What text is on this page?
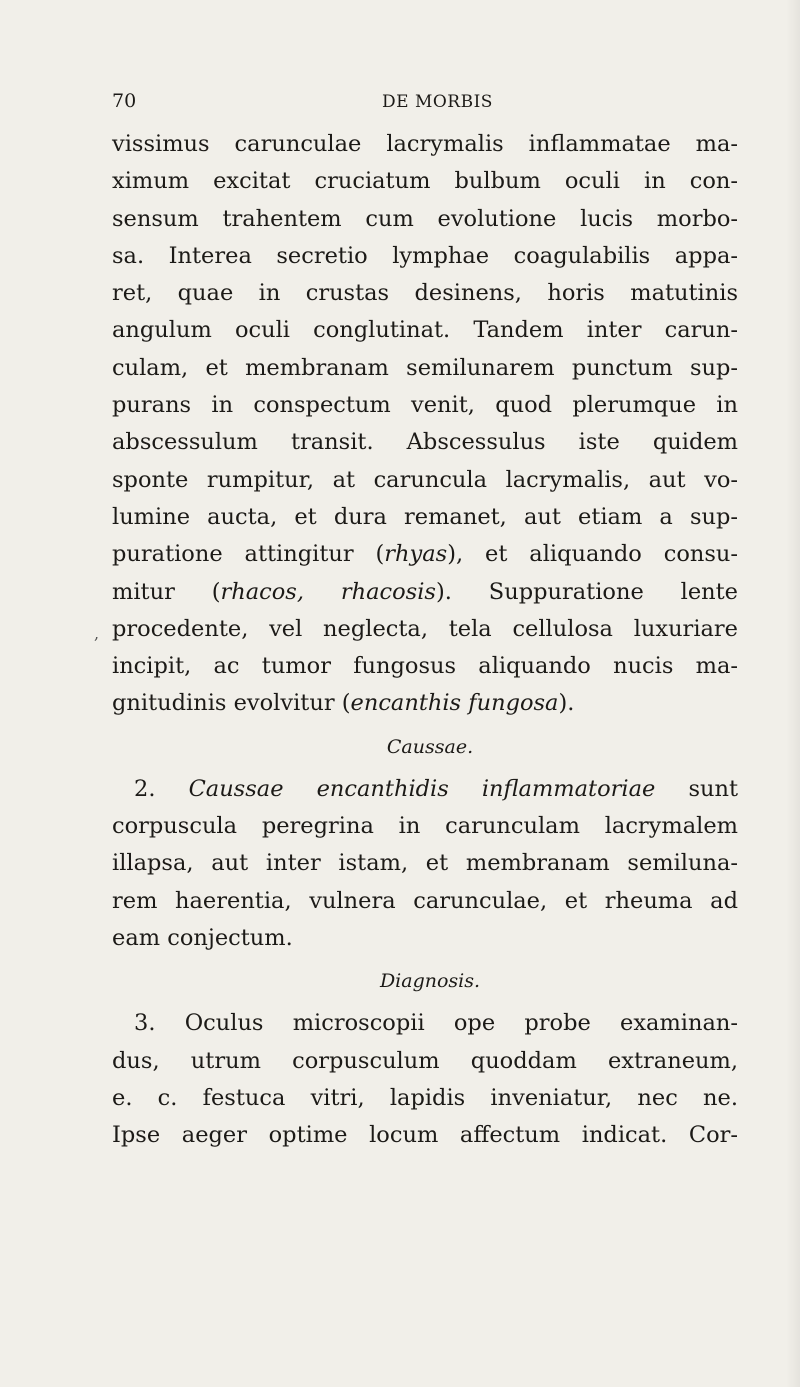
70	DE MORBIS
vissimus carunculae lacrymalis inflammatae ma-
ximum excitat cruciatum bulbum oculi in con-
sensum trahentem cum evolutione lucis morbo-
sa. Interea secretio lymphae coagulabilis appa-
ret, quae in crustas desinens, horis matutinis
angulum oculi conglutinat. Tandem inter carun-
culam, et membranam semilunarem punctum sup-
purans in conspectum venit, quod plerumque in
abscessulum transit. Abscessulus iste quidem
sponte rumpitur, at caruncula lacrymalis, aut vo-
lumine aucta, et dura remanet, aut etiam a sup-
puratione attingitur (rhyas), et aliquando consu-
mitur (rhacos, rhacosis). Suppuratione lente
procedente, vel neglecta, tela cellulosa luxuriare
incipit, ac tumor fungosus aliquando nucis ma-
gnitudinis evolvitur (encanthis fungosa).
Caussae.
2. Caussae encanthidis inflammatoriae sunt
corpuscula peregrina in carunculam lacrymalem
illapsa, aut inter istam, et membranam semiluna-
rem haerentia, vulnera carunculae, et rheuma ad
eam conjectum.
Diagnosis.
3. Oculus microscopii ope probe examinan-
dus, utrum corpusculum quoddam extraneum,
e. c. festuca vitri, lapidis inveniatur, nec ne.
Ipse aeger optime locum affectum indicat. Cor-
,
